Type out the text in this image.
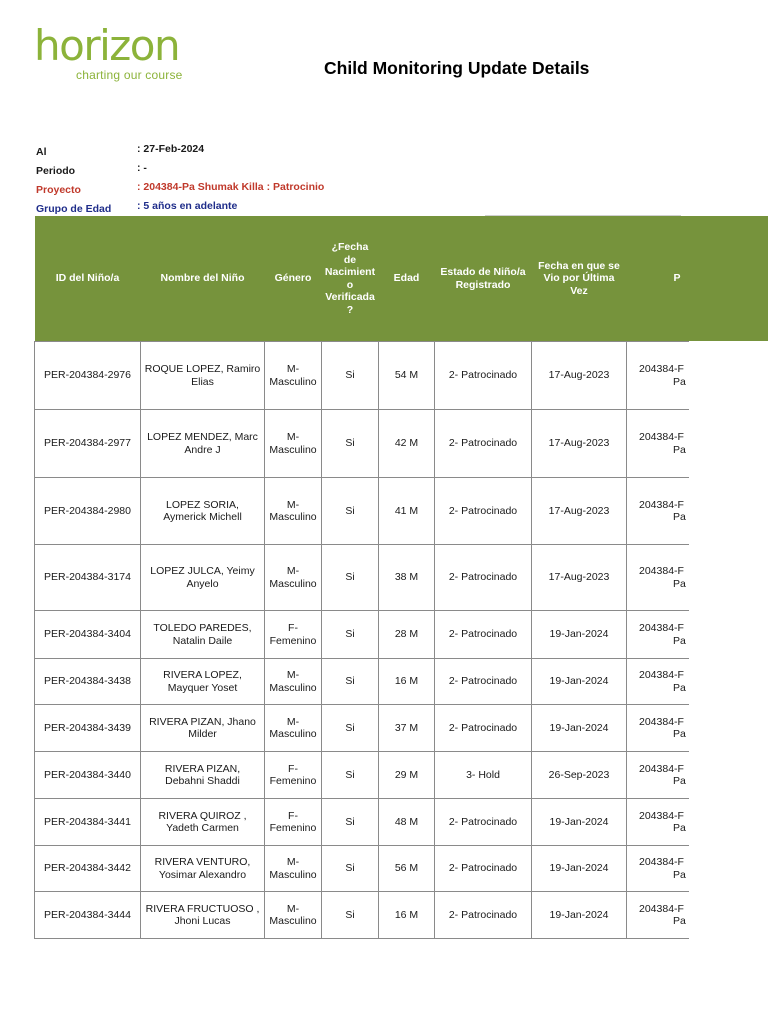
horizon
charting our course	Child Monitoring Update Details
Al	: 27-Feb-2024
Periodo	: -
Proyecto	: 204384-Pa Shumak Killa : Patrocinio
Grupo de Edad : 5 años en adelante
ID del Niño/a	Nombre del Niño	Género	¿Fecha de Nacimient o Verificada ?	Edad	Estado de Niño/a Registrado	Fecha en que se Vio por Última Vez	P
PER-204384-2976	ROQUE LOPEZ, Ramiro Elias	M-Masculino	Si	54 M	2- Patrocinado	17-Aug-2023	204384-F
Pa

PER-204384-2977	LOPEZ MENDEZ, Marc Andre J	M-Masculino	Si	42 M	2- Patrocinado	17-Aug-2023	204384-F
Pa

PER-204384-2980	LOPEZ SORIA, Aymerick Michell	M-Masculino	Si	41 M	2- Patrocinado	17-Aug-2023	204384-F
Pa

PER-204384-3174	LOPEZ JULCA, Yeimy Anyelo	M-Masculino	Si	38 M	2- Patrocinado	17-Aug-2023	204384-F
Pa

PER-204384-3404	TOLEDO PAREDES, Natalin Daile	F-Femenino	Si	28 M	2- Patrocinado	19-Jan-2024	204384-F
Pa

PER-204384-3438	RIVERA LOPEZ, Mayquer Yoset	M-Masculino	Si	16 M	2- Patrocinado	19-Jan-2024	204384-F
Pa

PER-204384-3439	RIVERA PIZAN, Jhano Milder	M-Masculino	Si	37 M	2- Patrocinado	19-Jan-2024	204384-F
Pa

PER-204384-3440	RIVERA PIZAN, Debahni Shaddi	F-Femenino	Si	29 M	3- Hold	26-Sep-2023	204384-F
Pa

PER-204384-3441	RIVERA QUIROZ , Yadeth Carmen	F-Femenino	Si	48 M	2- Patrocinado	19-Jan-2024	204384-F
Pa

PER-204384-3442	RIVERA VENTURO, Yosimar Alexandro	M-Masculino	Si	56 M	2- Patrocinado	19-Jan-2024	204384-F
Pa

PER-204384-3444	RIVERA FRUCTUOSO , Jhoni Lucas	M-Masculino	Si	16 M	2- Patrocinado	19-Jan-2024	204384-F
Pa
